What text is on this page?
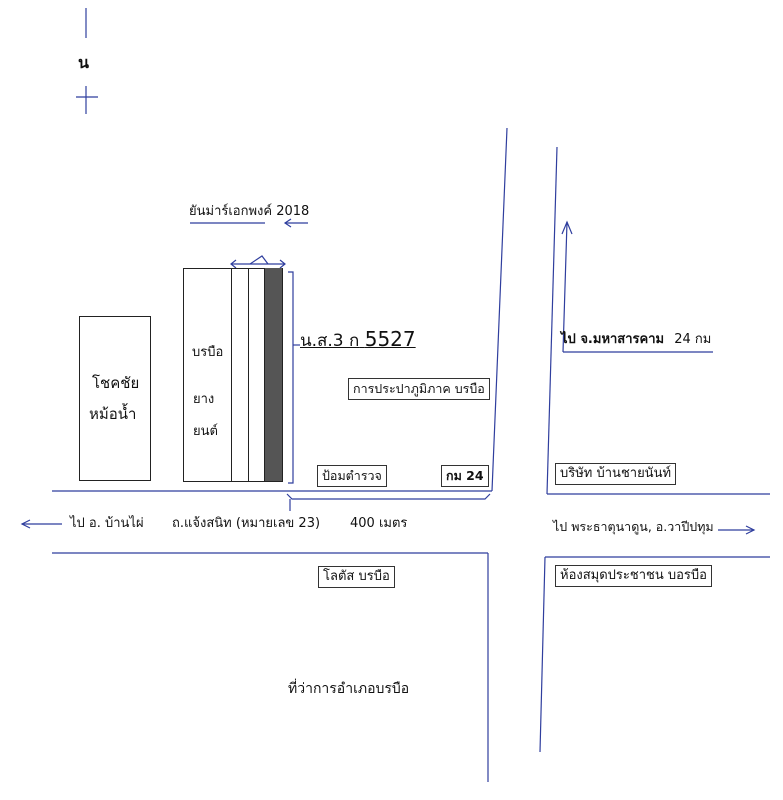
น
ยันม่าร์เอกพงค์ 2018
โชคชัย
หม้อน้ำ
บรบือ
ยาง
ยนต์
น.ส.3 ก 5527
การประปาภูมิภาค บรบือ
ป้อมตำรวจ	กม 24	บริษัท บ้านชายนันท์
โลตัส บรบือ	ห้องสมุดประชาชน บอรบือ
ที่ว่าการอำเภอบรบือ
ไป อ. บ้านไผ่ ถ.แจ้งสนิท (หมายเลข 23) 400 เมตร	ไป พระธาตุนาดูน, อ.วาปีปทุม
ไป จ.มหาสารคาม 24 กม
